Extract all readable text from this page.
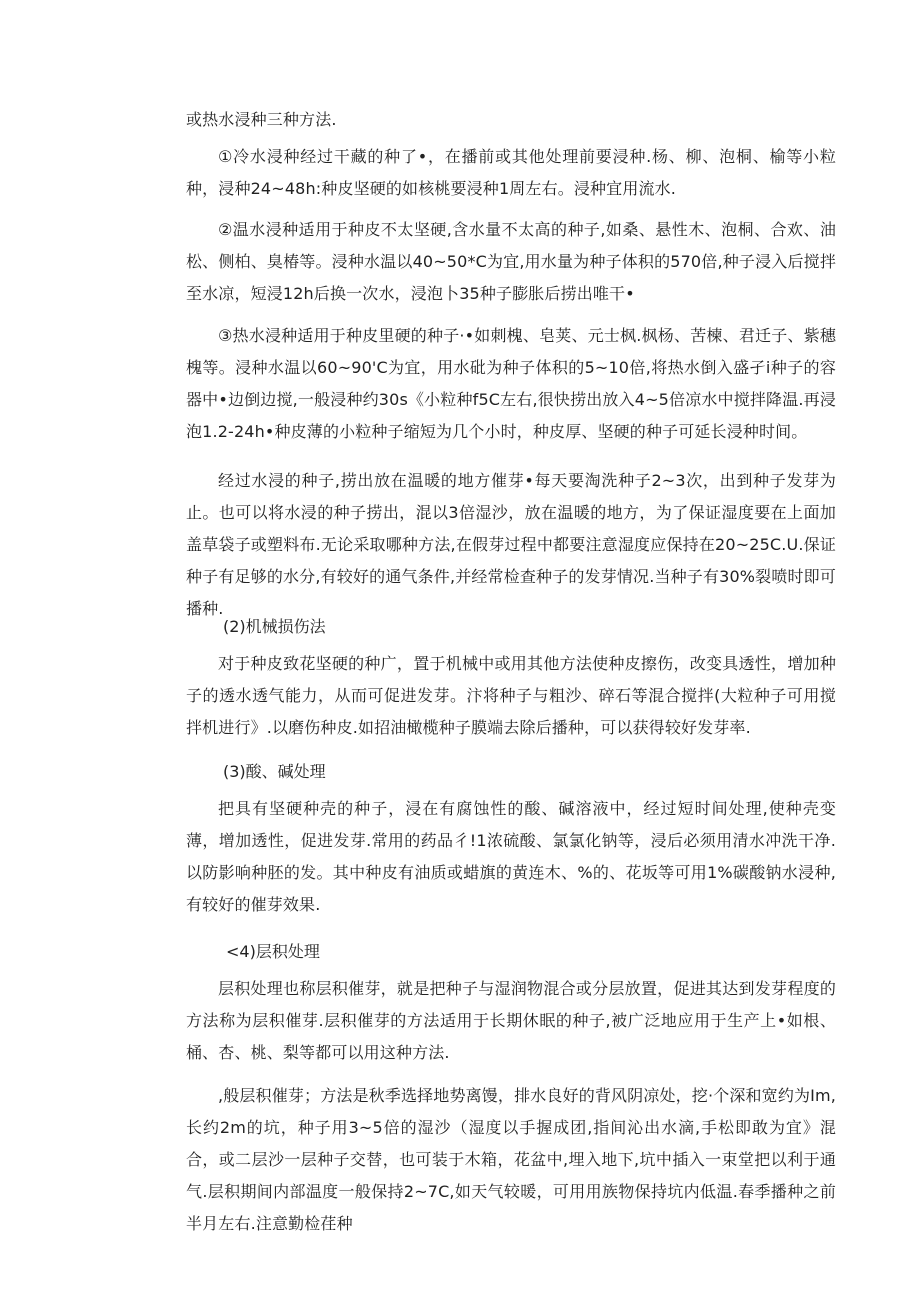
或热水浸种三种方法.

①冷水浸种经过干藏的种了•，在播前或其他处理前要浸种.杨、柳、泡桐、榆等小粒种，浸种24~48h:种皮坚硬的如核桃要浸种1周左右。浸种宜用流水.

②温水浸种适用于种皮不太坚硬,含水量不太高的种子,如桑、悬性木、泡桐、合欢、油松、侧柏、臭椿等。浸种水温以40~50*C为宜,用水量为种子体积的570倍,种子浸入后搅拌至水凉，短浸12h后换一次水，浸泡卜35种子膨胀后捞出唯干•

③热水浸种适用于种皮里硬的种子·•如刺槐、皂荚、元士枫.枫杨、苦楝、君迁子、紫穗槐等。浸种水温以60~90'C为宜，用水砒为种子体积的5~10倍,将热水倒入盛孑i种子的容器中•边倒边搅,一般浸种约30s《小粒种f5C左右,很快捞出放入4~5倍凉水中搅拌降温.再浸泡1.2-24h•种皮薄的小粒种子缩短为几个小时，种皮厚、坚硬的种子可延长浸种时间。

经过水浸的种子,捞出放在温暖的地方催芽•每天要淘洗种子2~3次，出到种子发芽为止。也可以将水浸的种子捞出，混以3倍湿沙，放在温暖的地方，为了保证湿度要在上面加盖草袋子或塑料布.无论采取哪种方法,在假芽过程中都要注意湿度应保持在20~25C.U.保证种子有足够的水分,有较好的通气条件,并经常检查种子的发芽情况.当种子有30%裂喷时即可播种.

(2)机械损伤法

对于种皮致花坚硬的种广，置于机械中或用其他方法使种皮擦伤，改变具透性，增加种子的透水透气能力，从而可促进发芽。汴将种子与粗沙、碎石等混合搅拌(大粒种子可用搅拌机进行》.以磨伤种皮.如招油橄榄种子膜端去除后播种，可以获得较好发芽率.

(3)酸、碱处理

把具有坚硬种壳的种子，浸在有腐蚀性的酸、碱溶液中，经过短时间处理,使种壳变薄，增加透性，促进发芽.常用的药品彳!1浓硫酸、氯氯化钠等，浸后必须用清水冲洗干净.以防影响种胚的发。其中种皮有油质或蜡旗的黄连木、%的、花坂等可用1%碳酸钠水浸种,有较好的催芽效果.

<4)层积处理

层积处理也称层积催芽，就是把种子与湿润物混合或分层放置，促进其达到发芽程度的方法称为层积催芽.层积催芽的方法适用于长期休眠的种子,被广泛地应用于生产上•如根、桶、杏、桃、梨等都可以用这种方法.

,般层积催芽；方法是秋季选择地势离馒，排水良好的背风阴凉处，挖·个深和宽约为Im,长约2m的坑，种子用3~5倍的湿沙（湿度以手握成团,指间沁出水滴,手松即敢为宜》混合，或二层沙一层种子交替，也可装于木箱，花盆中,埋入地下,坑中插入一束堂把以利于通气.层积期间内部温度一般保持2~7C,如天气较暖，可用用族物保持坑内低温.春季播种之前半月左右.注意勤检荏种
